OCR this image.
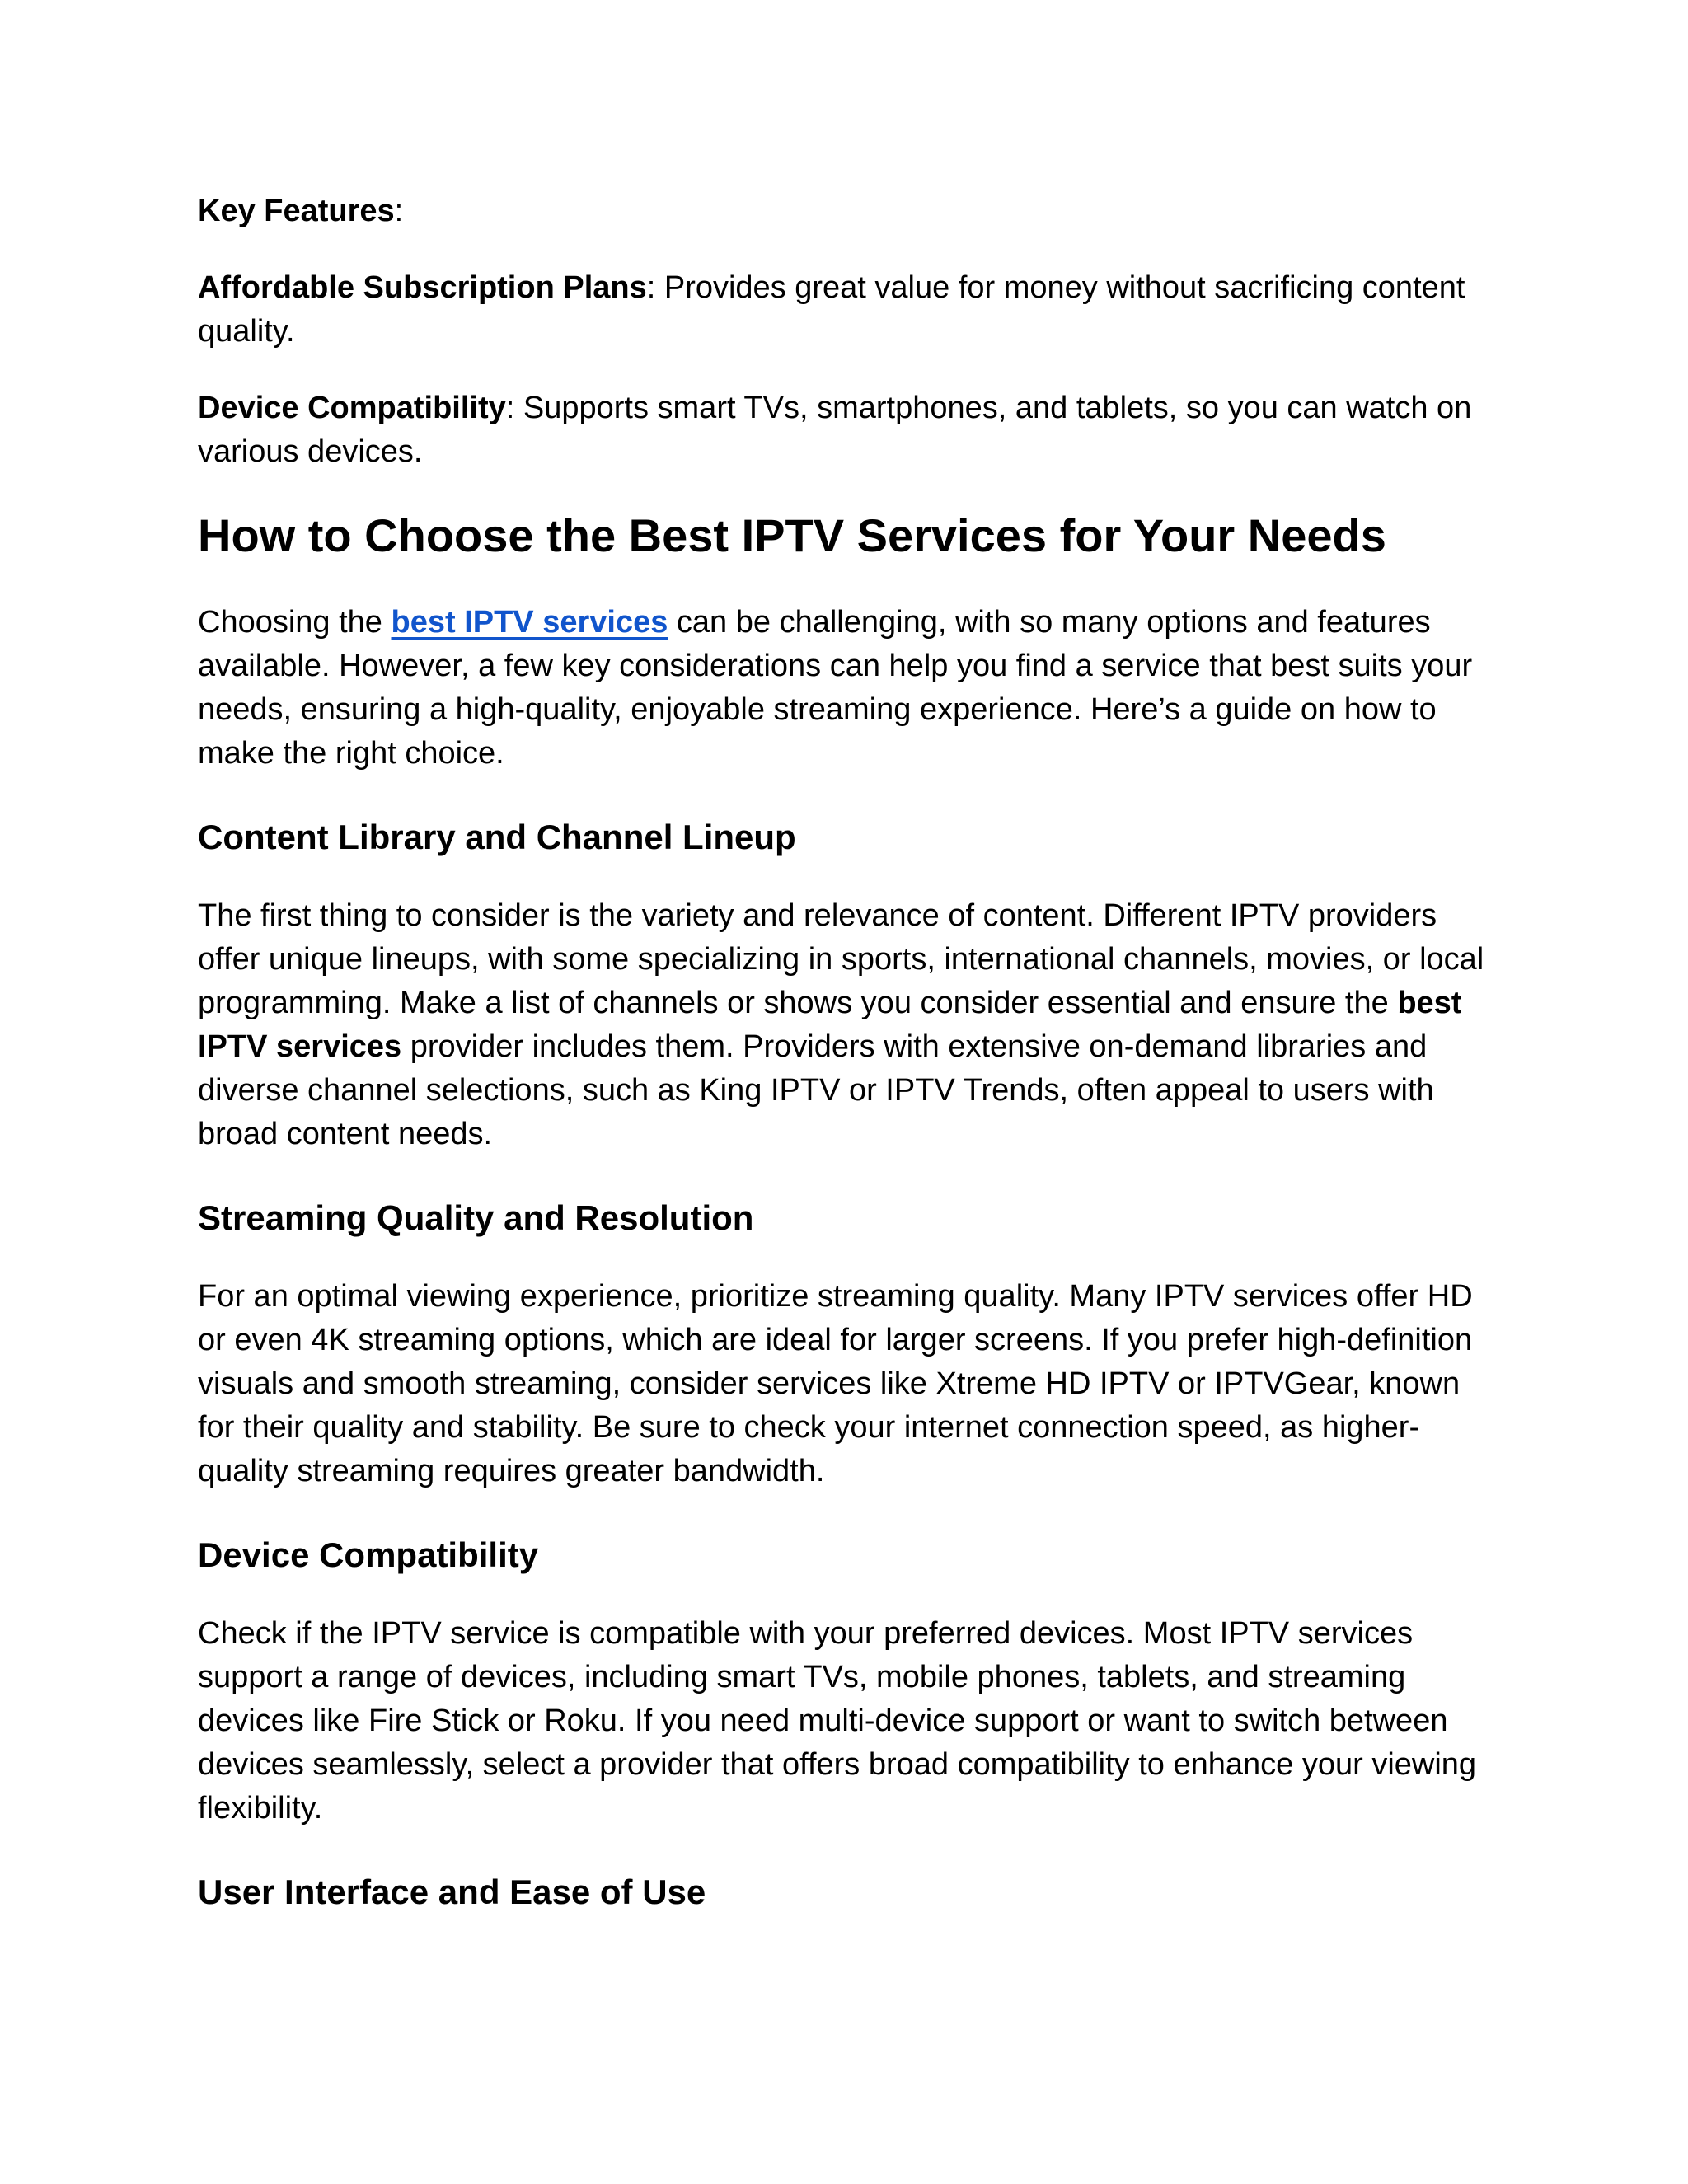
Key Features:

Affordable Subscription Plans: Provides great value for money without sacrificing content quality.

Device Compatibility: Supports smart TVs, smartphones, and tablets, so you can watch on various devices.

How to Choose the Best IPTV Services for Your Needs

Choosing the best IPTV services can be challenging, with so many options and features available. However, a few key considerations can help you find a service that best suits your needs, ensuring a high-quality, enjoyable streaming experience. Here’s a guide on how to make the right choice.

Content Library and Channel Lineup

The first thing to consider is the variety and relevance of content. Different IPTV providers offer unique lineups, with some specializing in sports, international channels, movies, or local programming. Make a list of channels or shows you consider essential and ensure the best IPTV services provider includes them. Providers with extensive on-demand libraries and diverse channel selections, such as King IPTV or IPTV Trends, often appeal to users with broad content needs.

Streaming Quality and Resolution

For an optimal viewing experience, prioritize streaming quality. Many IPTV services offer HD or even 4K streaming options, which are ideal for larger screens. If you prefer high-definition visuals and smooth streaming, consider services like Xtreme HD IPTV or IPTVGear, known for their quality and stability. Be sure to check your internet connection speed, as higher-quality streaming requires greater bandwidth.

Device Compatibility

Check if the IPTV service is compatible with your preferred devices. Most IPTV services support a range of devices, including smart TVs, mobile phones, tablets, and streaming devices like Fire Stick or Roku. If you need multi-device support or want to switch between devices seamlessly, select a provider that offers broad compatibility to enhance your viewing flexibility.

User Interface and Ease of Use
